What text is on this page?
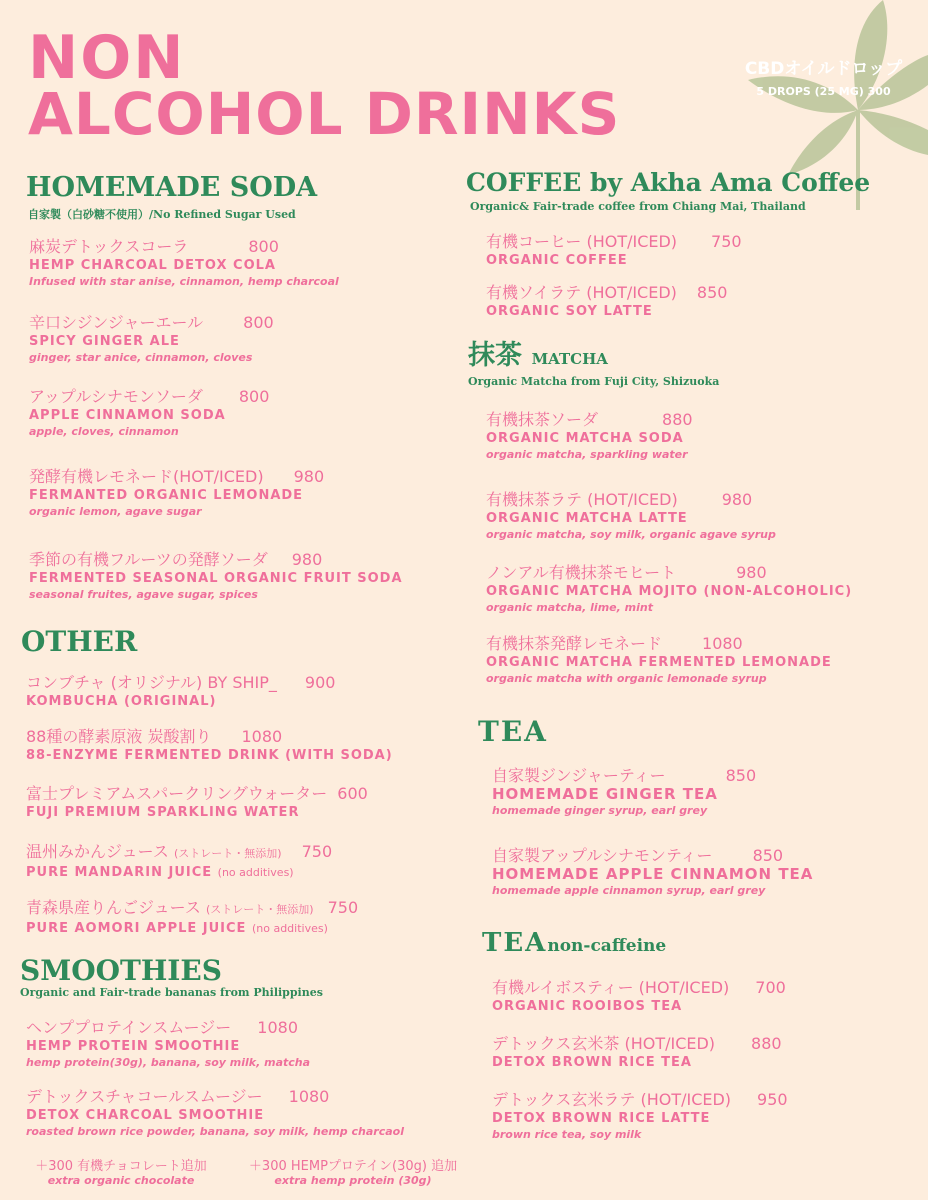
CBDオイルドロップ
5 DROPS (25 MG) 300
NON
ALCOHOL DRINKS
HOMEMADE SODA
自家製（白砂糖不使用）/No Refined Sugar Used
麻炭デトックスコーラ	800
HEMP CHARCOAL DETOX COLA
Infused with star anise, cinnamon, hemp charcoal
辛口シジンジャーエール	800
SPICY GINGER ALE
ginger, star anice, cinnamon, cloves
アップルシナモンソーダ 800
APPLE CINNAMON SODA
apple, cloves, cinnamon
発酵有機レモネード(HOT/ICED) 980
FERMANTED ORGANIC LEMONADE
organic lemon, agave sugar
季節の有機フルーツの発酵ソーダ 980
FERMENTED SEASONAL ORGANIC FRUIT SODA
seasonal fruites, agave sugar, spices
OTHER
コンブチャ (オリジナル) BY SHIP_ 900
KOMBUCHA (ORIGINAL)
88種の酵素原液 炭酸割り 1080
88-ENZYME FERMENTED DRINK (WITH SODA)
富士プレミアムスパークリングウォーター 600
FUJI PREMIUM SPARKLING WATER
温州みかんジュース (ストレート・無添加) 750
PURE MANDARIN JUICE (no additives)
青森県産りんごジュース (ストレート・無添加) 750
PURE AOMORI APPLE JUICE (no additives)
SMOOTHIES
Organic and Fair-trade bananas from Philippines
ヘンププロテインスムージー 1080
HEMP PROTEIN SMOOTHIE
hemp protein(30g), banana, soy milk, matcha
デトックスチャコールスムージー 1080
DETOX CHARCOAL SMOOTHIE
roasted brown rice powder, banana, soy milk, hemp charcaol
＋300 有機チョコレート追加
extra organic chocolate
＋300 HEMPプロテイン(30g) 追加
extra hemp protein (30g)
COFFEE by Akha Ama Coffee
Organic& Fair-trade coffee from Chiang Mai, Thailand
有機コーヒー (HOT/ICED) 750
ORGANIC COFFEE
有機ソイラテ (HOT/ICED) 850
ORGANIC SOY LATTE
抹茶 MATCHA
Organic Matcha from Fuji City, Shizuoka
有機抹茶ソーダ	880
ORGANIC MATCHA SODA
organic matcha, sparkling water
有機抹茶ラテ (HOT/ICED)	980
ORGANIC MATCHA LATTE
organic matcha, soy milk, organic agave syrup
ノンアル有機抹茶モヒート	980
ORGANIC MATCHA MOJITO (NON-ALCOHOLIC)
organic matcha, lime, mint
有機抹茶発酵レモネード	1080
ORGANIC MATCHA FERMENTED LEMONADE
organic matcha with organic lemonade syrup
TEA
自家製ジンジャーティー	850
HOMEMADE GINGER TEA
homemade ginger syrup, earl grey
自家製アップルシナモンティー	850
HOMEMADE APPLE CINNAMON TEA
homemade apple cinnamon syrup, earl grey
TEAnon-caffeine
有機ルイボスティー (HOT/ICED) 700
ORGANIC ROOIBOS TEA
デトックス玄米茶 (HOT/ICED) 880
DETOX BROWN RICE TEA
デトックス玄米ラテ (HOT/ICED) 950
DETOX BROWN RICE LATTE
brown rice tea, soy milk
